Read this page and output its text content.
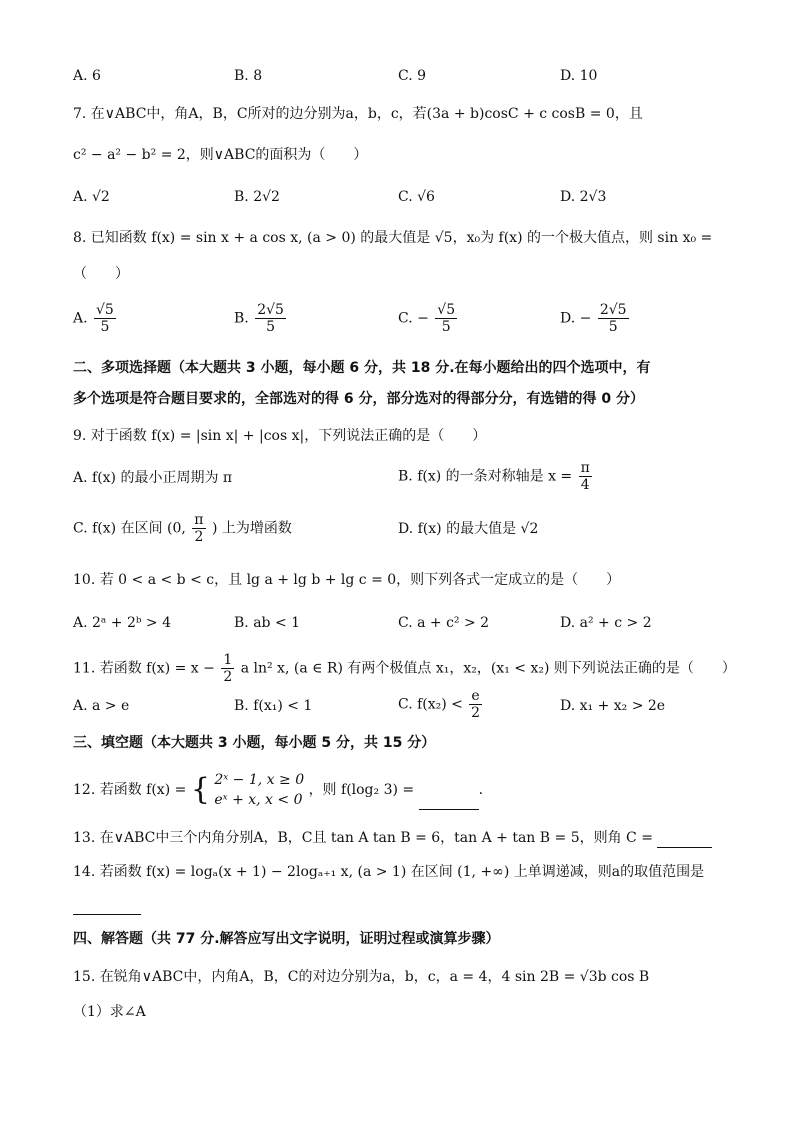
A. 6	B. 8	C. 9	D. 10
7. 在∨ABC中，角A，B，C所对的边分别为a，b，c，若(3a + b)cosC + c cosB = 0，且
c² − a² − b² = 2，则∨ABC的面积为（　　）
A. √2	B. 2√2	C. √6	D. 2√3
8. 已知函数 f(x) = sin x + a cos x, (a > 0) 的最大值是 √5，x₀为 f(x) 的一个极大值点，则 sin x₀ =
（　　）
A. $\frac{√5}{5}$	B. $\frac{2√5}{5}$	C. − $\frac{√5}{5}$	D. − $\frac{2√5}{5}$
二、多项选择题（本大题共 3 小题，每小题 6 分，共 18 分.在每小题给出的四个选项中，有
多个选项是符合题目要求的，全部选对的得 6 分，部分选对的得部分分，有选错的得 0 分）
9. 对于函数 f(x) = |sin x| + |cos x|，下列说法正确的是（　　）
A. f(x) 的最小正周期为 π	B. f(x) 的一条对称轴是 $x = \frac{\pi}{4}$
C. f(x) 在区间 (0, $\frac{\pi}{2}$ ) 上为增函数	D. f(x) 的最大值是 √2
10. 若 0 < a < b < c，且 lg a + lg b + lg c = 0，则下列各式一定成立的是（　　）
A. 2ᵃ + 2ᵇ > 4	B. ab < 1	C. a + c² > 2	D. a² + c > 2
11. 若函数 $f(x) = x - \frac{1}{2}$ a ln² x, (a ∈ R) 有两个极值点 x₁，x₂，(x₁ < x₂) 则下列说法正确的是（　　）
A. a > e	B. f(x₁) < 1	C. $f(x_2) < \frac{e}{2}$	D. x₁ + x₂ > 2e
三、填空题（本大题共 3 小题，每小题 5 分，共 15 分）
12. 若函数 f(x) = { 2ˣ − 1, x ≥ 0
eˣ + x, x < 0
，则 f(log₂ 3) =	.
13. 在∨ABC中三个内角分别A，B，C且 tan A tan B = 6，tan A + tan B = 5，则角 C =
14. 若函数 f(x) = logₐ(x + 1) − 2logₐ₊₁ x, (a > 1) 在区间 (1, +∞) 上单调递减，则a的取值范围是
四、解答题（共 77 分.解答应写出文字说明，证明过程或演算步骤）
15. 在锐角∨ABC中，内角A，B，C的对边分别为a，b，c，a = 4，4 sin 2B = √3b cos B
（1）求∠A
